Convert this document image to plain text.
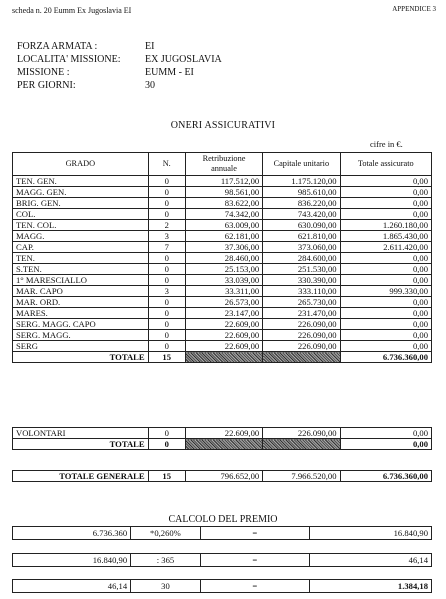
scheda n. 20 Eumm Ex Jugoslavia EI	APPENDICE 3
FORZA ARMATA :	EI
LOCALITA' MISSIONE: EX JUGOSLAVIA
MISSIONE :	EUMM - EI
PER GIORNI:	30
ONERI ASSICURATIVI
cifre in €.
GRADO	N.	Retribuzione annuale	Capitale unitario	Totale assicurato
TEN. GEN.	0	117.512,00	1.175.120,00	0,00
MAGG. GEN.	0	98.561,00	985.610,00	0,00
BRIG. GEN.	0	83.622,00	836.220,00	0,00
COL.	0	74.342,00	743.420,00	0,00
TEN. COL.	2	63.009,00	630.090,00	1.260.180,00
MAGG.	3	62.181,00	621.810,00	1.865.430,00
CAP.	7	37.306,00	373.060,00	2.611.420,00
TEN.	0	28.460,00	284.600,00	0,00
S.TEN.	0	25.153,00	251.530,00	0,00
1° MARESCIALLO	0	33.039,00	330.390,00	0,00
MAR. CAPO	3	33.311,00	333.110,00	999.330,00
MAR. ORD.	0	26.573,00	265.730,00	0,00
MARES.	0	23.147,00	231.470,00	0,00
SERG. MAGG. CAPO	0	22.609,00	226.090,00	0,00
SERG. MAGG.	0	22.609,00	226.090,00	0,00
SERG	0	22.609,00	226.090,00	0,00
TOTALE	15			6.736.360,00
VOLONTARI	0	22.609,00	226.090,00	0,00
TOTALE	0			0,00
TOTALE GENERALE	15	796.652,00	7.966.520,00	6.736.360,00
CALCOLO DEL PREMIO
6.736.360	*0,260%	=	16.840,90
16.840,90	: 365	=	46,14
46,14	30	=	1.384,18
